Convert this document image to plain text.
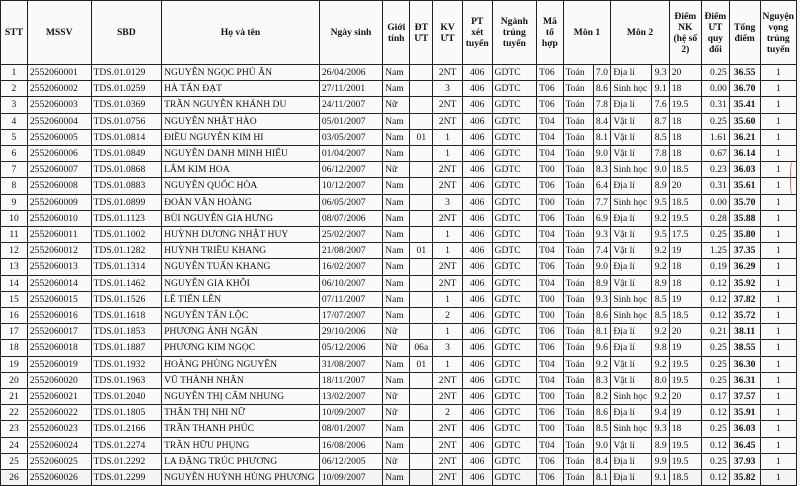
STT	MSSV	SBD	Họ và tên	Ngày sinh	Giới tính	ĐT ƯT	KV ƯT	PT xét tuyển	Ngành trúng tuyển	Mã tổ hợp	Môn 1		Môn 2		Điểm NK (hệ số 2)	Điểm ƯT quy đổi	Tổng điểm	Nguyện vọng trúng tuyển
1	2552060001	TDS.01.0129	NGUYỄN NGỌC PHÚ ÂN	26/04/2006	Nam		2NT	406	GDTC	T06	Toán	7.0	Địa lí	9.3	20	0.25	36.55	1
2	2552060002	TDS.01.0259	HÀ TẤN ĐẠT	27/11/2001	Nam		3	406	GDTC	T06	Toán	8.6	Sinh học	9.1	18	0.00	36.70	1
3	2552060003	TDS.01.0369	TRẦN NGUYỄN KHÁNH DU	24/11/2007	Nữ		2NT	406	GDTC	T06	Toán	7.8	Địa lí	7.6	19.5	0.31	35.41	1
4	2552060004	TDS.01.0756	NGUYỄN NHẬT HÀO	05/01/2007	Nam		2NT	406	GDTC	T04	Toán	8.4	Vật lí	8.7	18	0.25	35.60	1
5	2552060005	TDS.01.0814	ĐIỀU NGUYỄN KIM HI	03/05/2007	Nam	01	1	406	GDTC	T04	Toán	8.1	Vật lí	8.5	18	1.61	36.21	1
6	2552060006	TDS.01.0849	NGUYỄN DANH MINH HIẾU	01/04/2007	Nam		1	406	GDTC	T04	Toán	9.0	Vật lí	7.8	18	0.67	36.14	1
7	2552060007	TDS.01.0868	LÂM KIM HOA	06/12/2007	Nữ		2NT	406	GDTC	T00	Toán	8.3	Sinh học	9.0	18.5	0.23	36.03	1
8	2552060008	TDS.01.0883	NGUYỄN QUỐC HÒA	10/12/2007	Nam		2NT	406	GDTC	T06	Toán	6.4	Địa lí	8.9	20	0.31	35.61	1
9	2552060009	TDS.01.0899	ĐOÀN VĂN HOÀNG	06/05/2007	Nam		3	406	GDTC	T00	Toán	7.7	Sinh học	9.5	18.5	0.00	35.70	1
10	2552060010	TDS.01.1123	BÙI NGUYỄN GIA HƯNG	08/07/2006	Nam		2NT	406	GDTC	T06	Toán	6.9	Địa lí	9.2	19.5	0.28	35.88	1
11	2552060011	TDS.01.1002	HUỲNH DƯƠNG NHẬT HUY	25/02/2007	Nam		1	406	GDTC	T04	Toán	9.3	Vật lí	9.5	17.5	0.25	35.80	1
12	2552060012	TDS.01.1282	HUỲNH TRIỀU KHANG	21/08/2007	Nam	01	1	406	GDTC	T04	Toán	7.4	Vật lí	9.2	19	1.25	37.35	1
13	2552060013	TDS.01.1314	NGUYỄN TUẤN KHANG	16/02/2007	Nam		2NT	406	GDTC	T06	Toán	9.0	Địa lí	9.2	18	0.19	36.29	1
14	2552060014	TDS.01.1462	NGUYỄN GIA KHÔI	06/10/2007	Nam		2NT	406	GDTC	T04	Toán	8.9	Vật lí	8.9	18	0.12	35.92	1
15	2552060015	TDS.01.1526	LÊ TIẾN LÊN	07/11/2007	Nam		1	406	GDTC	T00	Toán	9.3	Sinh học	8.5	19	0.12	37.82	1
16	2552060016	TDS.01.1618	NGUYỄN TẤN LỘC	17/07/2007	Nam		2	406	GDTC	T00	Toán	8.6	Sinh học	8.5	18.5	0.12	35.72	1
17	2552060017	TDS.01.1853	PHƯƠNG ÁNH NGÂN	29/10/2006	Nữ		1	406	GDTC	T06	Toán	8.1	Địa lí	9.2	20	0.21	38.11	1
18	2552060018	TDS.01.1887	PHƯƠNG KIM NGỌC	05/12/2006	Nữ	06a	3	406	GDTC	T06	Toán	9.6	Địa lí	9.8	19	0.25	38.55	1
19	2552060019	TDS.01.1932	HOÀNG PHÙNG NGUYÊN	31/08/2007	Nam	01	1	406	GDTC	T04	Toán	9.2	Vật lí	9.2	19.5	0.25	36.30	1
20	2552060020	TDS.01.1963	VŨ THÀNH NHÂN	18/11/2007	Nam		2NT	406	GDTC	T04	Toán	8.3	Vật lí	8.0	19.5	0.25	36.31	1
21	2552060021	TDS.01.2040	NGUYỄN THỊ CẨM NHUNG	13/02/2007	Nữ		2NT	406	GDTC	T00	Toán	8.2	Sinh học	9.2	20	0.17	37.57	1
22	2552060022	TDS.01.1805	THÂN THỊ NHI NỮ	10/09/2007	Nữ		2	406	GDTC	T06	Toán	8.6	Địa lí	9.4	19	0.12	35.91	1
23	2552060023	TDS.01.2166	TRẦN THANH PHÚC	08/01/2007	Nam		2NT	406	GDTC	T00	Toán	8.5	Sinh học	9.3	18	0.25	36.03	1
24	2552060024	TDS.01.2274	TRẦN HỮU PHỤNG	16/08/2006	Nam		2NT	406	GDTC	T04	Toán	9.0	Vật lí	8.9	19.5	0.12	36.45	1
25	2552060025	TDS.01.2292	LA ĐẶNG TRÚC PHƯƠNG	06/12/2005	Nữ		2NT	406	GDTC	T06	Toán	8.4	Địa lí	9.9	19.5	0.25	37.93	1
26	2552060026	TDS.01.2299	NGUYỄN HUỲNH HÙNG PHƯƠNG	10/09/2007	Nam		2NT	406	GDTC	T06	Toán	8.1	Địa lí	9.1	18.5	0.12	35.82	1
